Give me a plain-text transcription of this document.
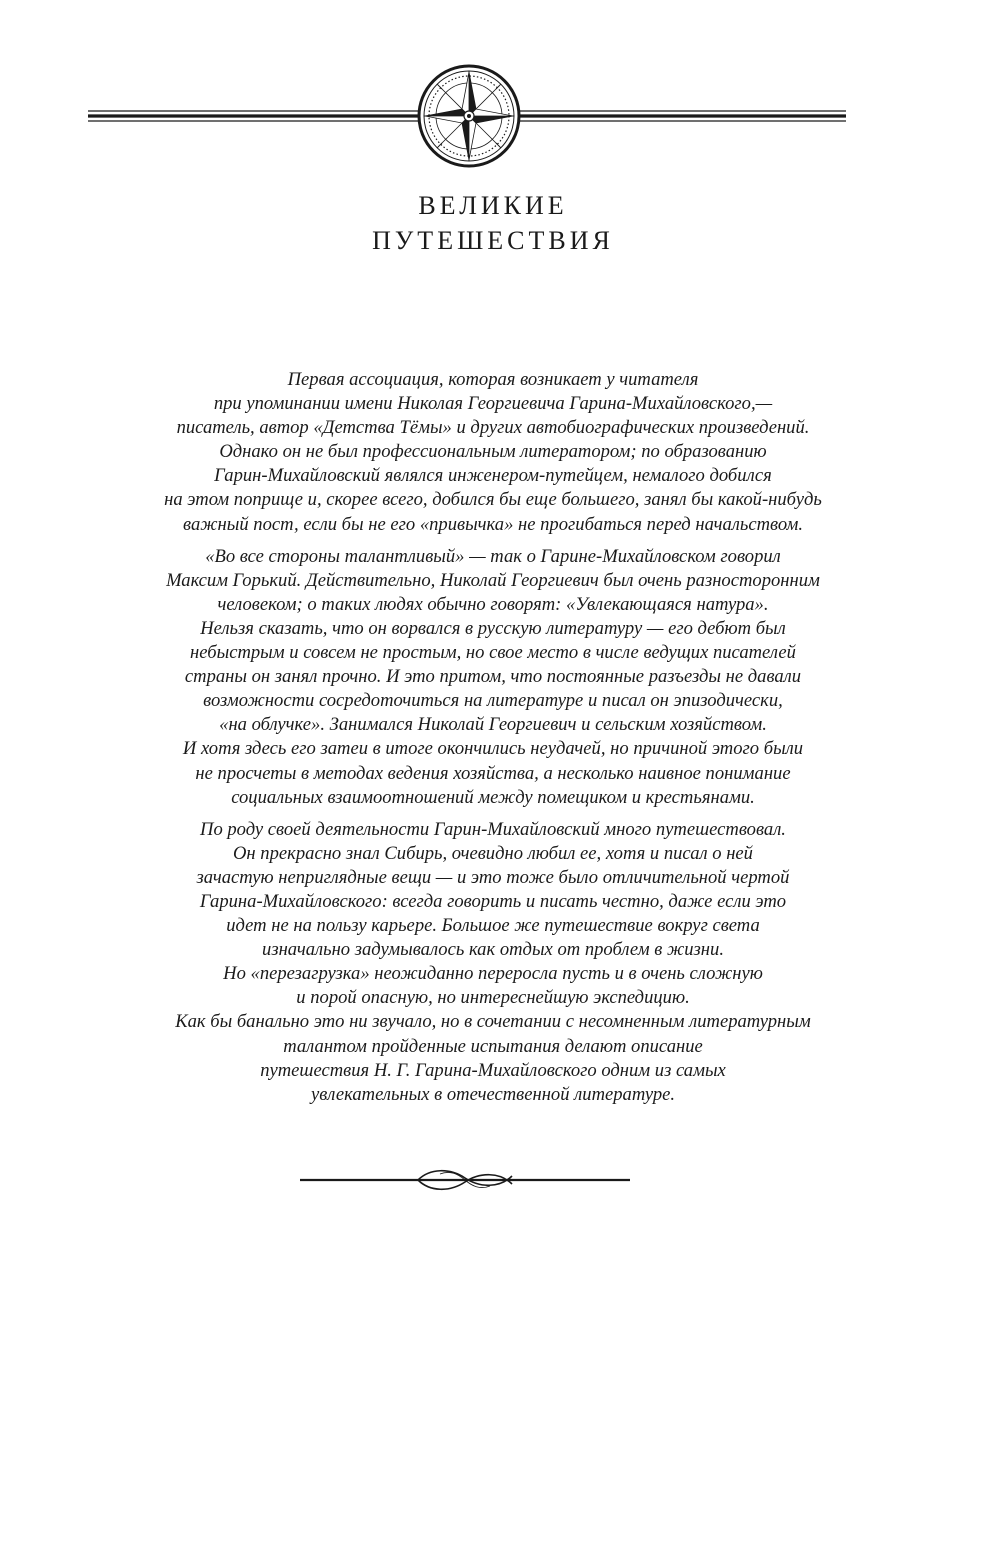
ВЕЛИКИЕ
ПУТЕШЕСТВИЯ

Первая ассоциация, которая возникает у читателя
при упоминании имени Николая Георгиевича Гарина-Михайловского,—
писатель, автор «Детства Тёмы» и других автобиографических произведений.
Однако он не был профессиональным литератором; по образованию
Гарин-Михайловский являлся инженером-путейцем, немалого добился
на этом поприще и, скорее всего, добился бы еще большего, занял бы какой-нибудь
важный пост, если бы не его «привычка» не прогибаться перед начальством.

«Во все стороны талантливый» — так о Гарине-Михайловском говорил
Максим Горький. Действительно, Николай Георгиевич был очень разносторонним
человеком; о таких людях обычно говорят: «Увлекающаяся натура».
Нельзя сказать, что он ворвался в русскую литературу — его дебют был
небыстрым и совсем не простым, но свое место в числе ведущих писателей
страны он занял прочно. И это притом, что постоянные разъезды не давали
возможности сосредоточиться на литературе и писал он эпизодически,
«на облучке». Занимался Николай Георгиевич и сельским хозяйством.
И хотя здесь его затеи в итоге окончились неудачей, но причиной этого были
не просчеты в методах ведения хозяйства, а несколько наивное понимание
социальных взаимоотношений между помещиком и крестьянами.

По роду своей деятельности Гарин-Михайловский много путешествовал.
Он прекрасно знал Сибирь, очевидно любил ее, хотя и писал о ней
зачастую неприглядные вещи — и это тоже было отличительной чертой
Гарина-Михайловского: всегда говорить и писать честно, даже если это
идет не на пользу карьере. Большое же путешествие вокруг света
изначально задумывалось как отдых от проблем в жизни.
Но «перезагрузка» неожиданно переросла пусть и в очень сложную
и порой опасную, но интереснейшую экспедицию.
Как бы банально это ни звучало, но в сочетании с несомненным литературным
талантом пройденные испытания делают описание
путешествия Н. Г. Гарина-Михайловского одним из самых
увлекательных в отечественной литературе.
